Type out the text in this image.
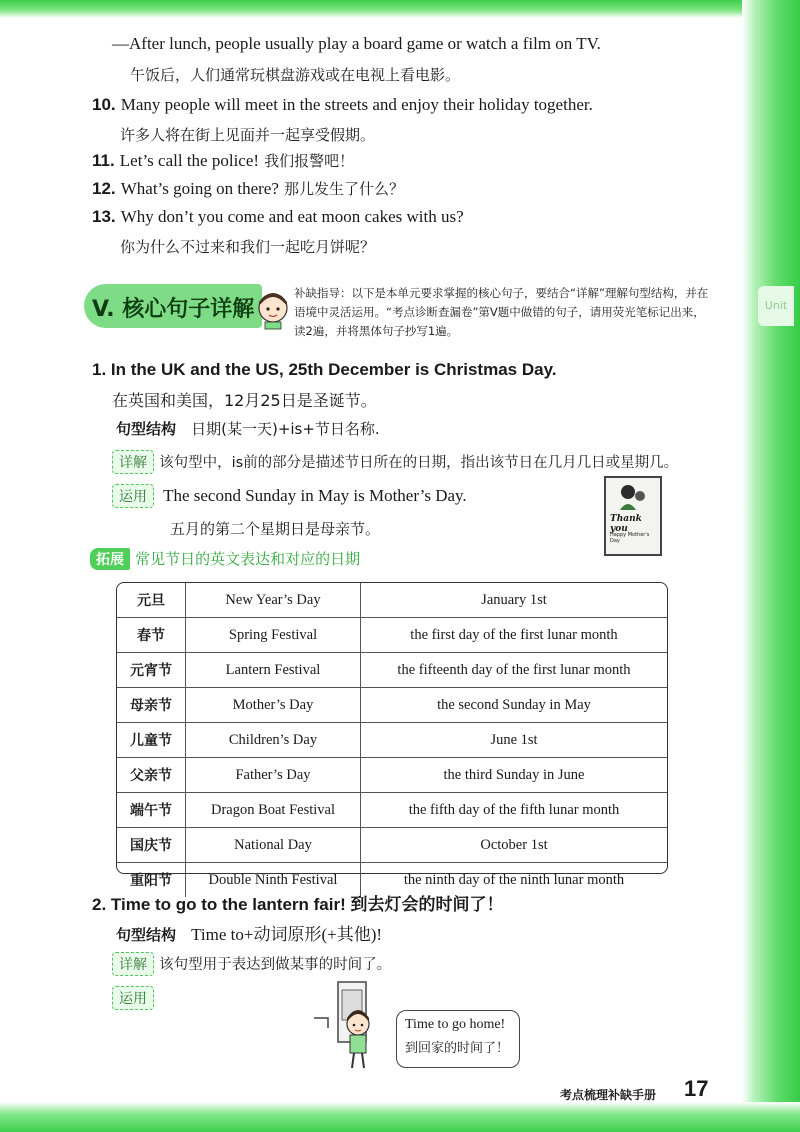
Unit
—After lunch, people usually play a board game or watch a film on TV.
午饭后，人们通常玩棋盘游戏或在电视上看电影。
10. Many people will meet in the streets and enjoy their holiday together.
许多人将在街上见面并一起享受假期。
11. Let’s call the police! 我们报警吧！
12. What’s going on there? 那儿发生了什么？
13. Why don’t you come and eat moon cakes with us?
你为什么不过来和我们一起吃月饼呢？
V. 核心句子详解
补缺指导：以下是本单元要求掌握的核心句子，要结合“详解”理解句型结构，并在语境中灵活运用。“考点诊断查漏卷”第Ⅴ题中做错的句子，请用荧光笔标记出来，读2遍，并将黑体句子抄写1遍。
1. In the UK and the US, 25th December is Christmas Day.
在英国和美国，12月25日是圣诞节。
句型结构 日期(某一天)+is+节日名称.
详解 该句型中，is前的部分是描述节日所在的日期，指出该节日在几月几日或星期几。
运用 The second Sunday in May is Mother’s Day.
五月的第二个星期日是母亲节。
Thank you
Happy Mother's Day
拓展 常见节日的英文表达和对应的日期
元旦	New Year’s Day	January 1st
春节	Spring Festival	the first day of the first lunar month
元宵节	Lantern Festival	the fifteenth day of the first lunar month
母亲节	Mother’s Day	the second Sunday in May
儿童节	Children’s Day	June 1st
父亲节	Father’s Day	the third Sunday in June
端午节	Dragon Boat Festival	the fifth day of the fifth lunar month
国庆节	National Day	October 1st
重阳节	Double Ninth Festival	the ninth day of the ninth lunar month
2. Time to go to the lantern fair! 到去灯会的时间了！
句型结构 Time to+动词原形(+其他)!
详解 该句型用于表达到做某事的时间了。
运用
Time to go home!
到回家的时间了！
考点梳理补缺手册 17
